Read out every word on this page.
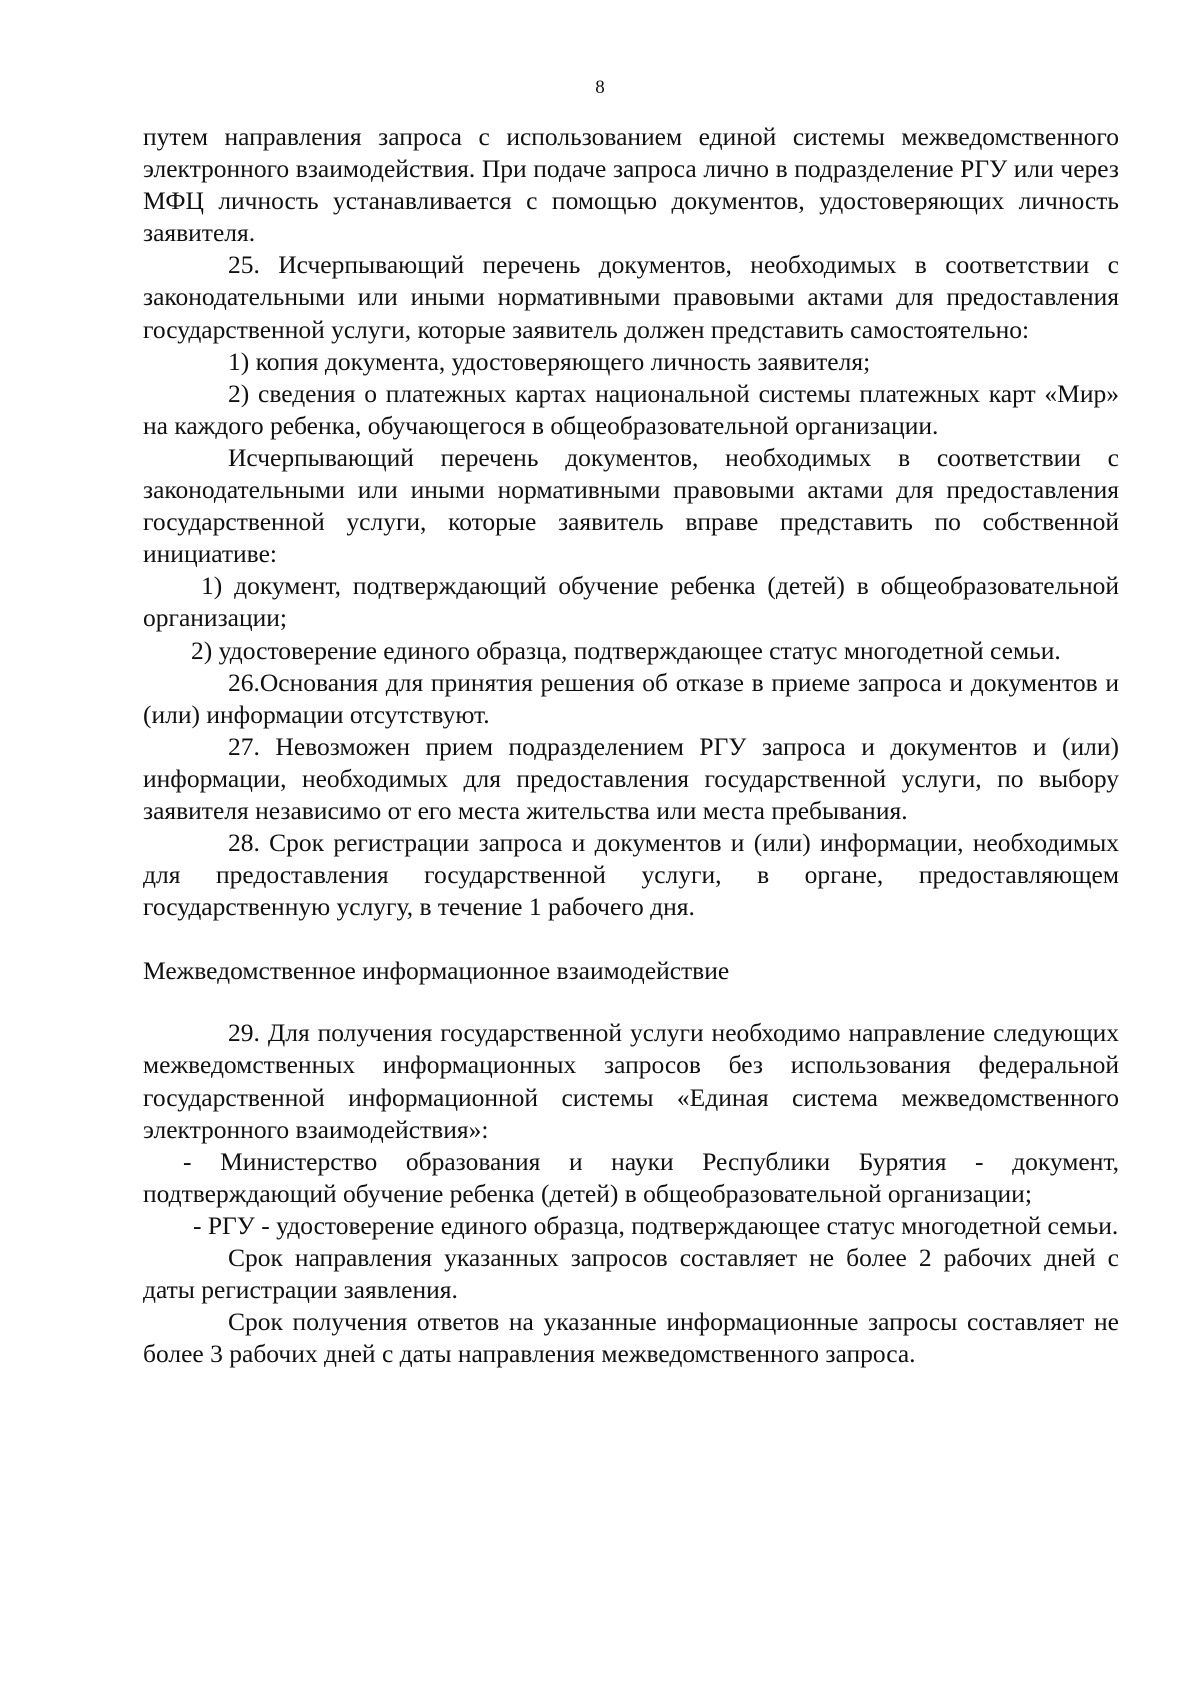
8

путем направления запроса с использованием единой системы межведомственного электронного взаимодействия. При подаче запроса лично в подразделение РГУ или через МФЦ личность устанавливается с помощью документов, удостоверяющих личность заявителя.

25. Исчерпывающий перечень документов, необходимых в соответствии с законодательными или иными нормативными правовыми актами для предоставления государственной услуги, которые заявитель должен представить самостоятельно:

1) копия документа, удостоверяющего личность заявителя;

2) сведения о платежных картах национальной системы платежных карт «Мир» на каждого ребенка, обучающегося в общеобразовательной организации.

Исчерпывающий перечень документов, необходимых в соответствии с законодательными или иными нормативными правовыми актами для предоставления государственной услуги, которые заявитель вправе представить по собственной инициативе:

1) документ, подтверждающий обучение ребенка (детей) в общеобразовательной организации;

2) удостоверение единого образца, подтверждающее статус многодетной семьи.

26.Основания для принятия решения об отказе в приеме запроса и документов и (или) информации отсутствуют.

27. Невозможен прием подразделением РГУ запроса и документов и (или) информации, необходимых для предоставления государственной услуги, по выбору заявителя независимо от его места жительства или места пребывания.

28. Срок регистрации запроса и документов и (или) информации, необходимых для предоставления государственной услуги, в органе, предоставляющем государственную услугу, в течение 1 рабочего дня.

Межведомственное информационное взаимодействие

29. Для получения государственной услуги необходимо направление следующих межведомственных информационных запросов без использования федеральной государственной информационной системы «Единая система межведомственного электронного взаимодействия»:

- Министерство образования и науки Республики Бурятия - документ, подтверждающий обучение ребенка (детей) в общеобразовательной организации;

- РГУ - удостоверение единого образца, подтверждающее статус многодетной семьи.

Срок направления указанных запросов составляет не более 2 рабочих дней с даты регистрации заявления.

Срок получения ответов на указанные информационные запросы составляет не более 3 рабочих дней с даты направления межведомственного запроса.
